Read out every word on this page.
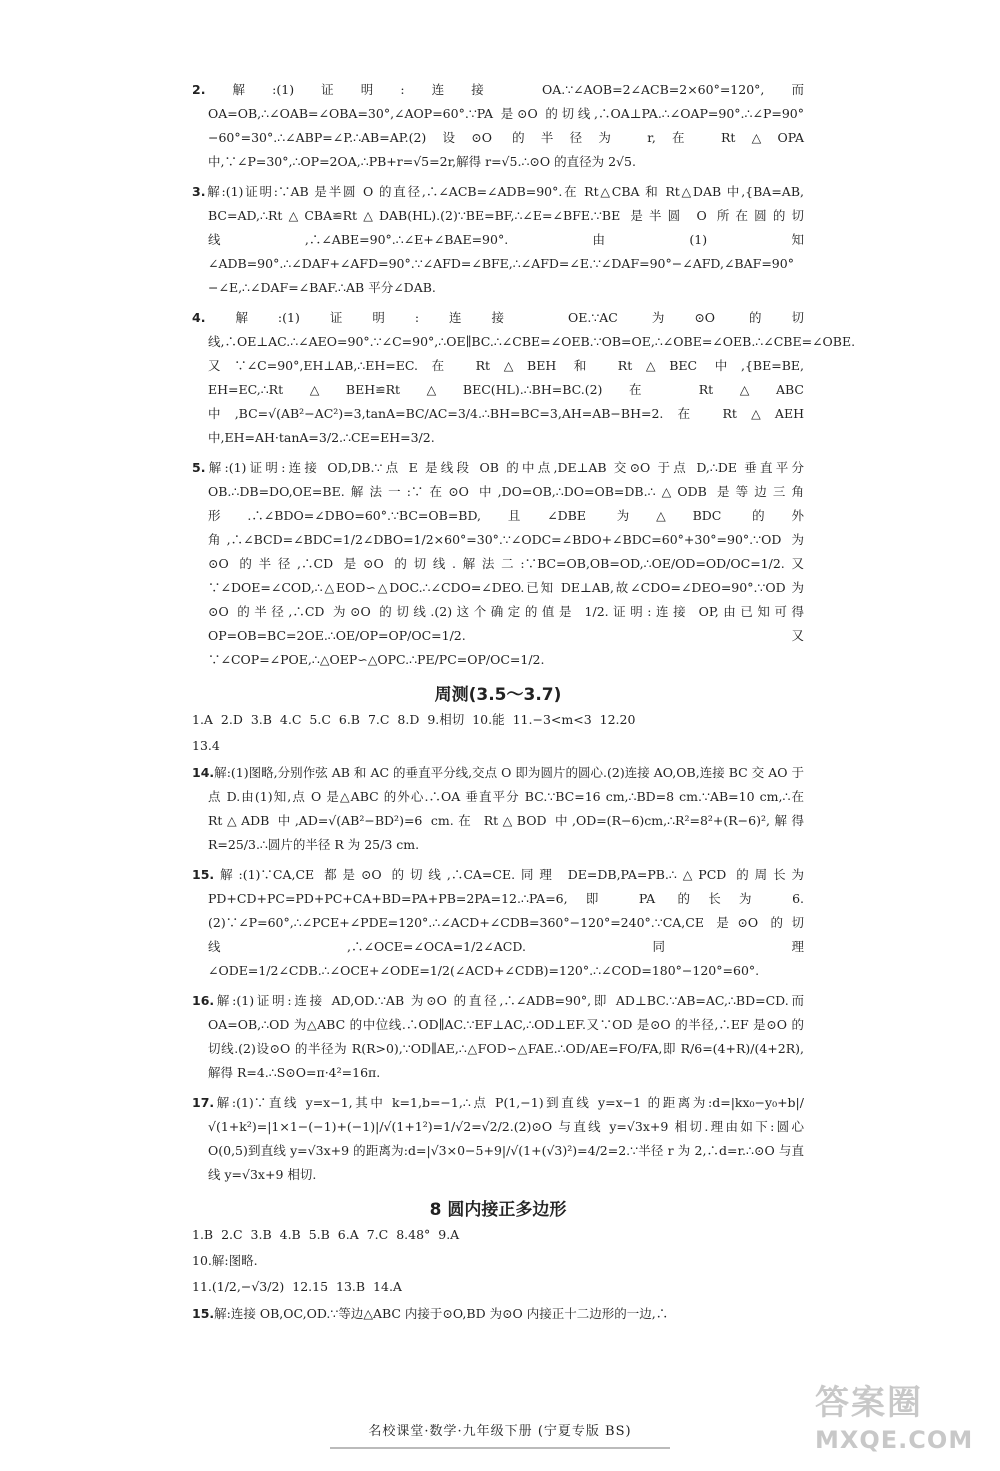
2.解:(1)证明:连接 OA.∵∠AOB=2∠ACB=2×60°=120°,而 OA=OB,∴∠OAB=∠OBA=30°,∠AOP=60°.∵PA 是⊙O 的切线,∴OA⊥PA.∴∠OAP=90°.∴∠P=90°−60°=30°.∴∠ABP=∠P.∴AB=AP.(2)设⊙O 的半径为 r,在 Rt△OPA 中,∵∠P=30°,∴OP=2OA,∴PB+r=√5=2r,解得 r=√5.∴⊙O 的直径为 2√5.

3.解:(1)证明:∵AB 是半圆 O 的直径,∴∠ACB=∠ADB=90°.在 Rt△CBA 和 Rt△DAB 中,{BA=AB, BC=AD,∴Rt△CBA≌Rt△DAB(HL).(2)∵BE=BF,∴∠E=∠BFE.∵BE 是半圆 O 所在圆的切线,∴∠ABE=90°.∴∠E+∠BAE=90°.由(1)知∠ADB=90°.∴∠DAF+∠AFD=90°.∵∠AFD=∠BFE,∴∠AFD=∠E.∵∠DAF=90°−∠AFD,∠BAF=90°−∠E,∴∠DAF=∠BAF.∴AB 平分∠DAB.

4.解:(1)证明:连接 OE.∵AC 为⊙O 的切线,∴OE⊥AC.∴∠AEO=90°.∵∠C=90°,∴OE∥BC.∴∠CBE=∠OEB.∵OB=OE,∴∠OBE=∠OEB.∴∠CBE=∠OBE.又∵∠C=90°,EH⊥AB,∴EH=EC.在 Rt△BEH 和 Rt△BEC 中,{BE=BE, EH=EC,∴Rt△BEH≌Rt△BEC(HL).∴BH=BC.(2)在 Rt△ABC 中,BC=√(AB²−AC²)=3,tanA=BC/AC=3/4.∴BH=BC=3,AH=AB−BH=2.在 Rt△AEH 中,EH=AH·tanA=3/2.∴CE=EH=3/2.

5.解:(1)证明:连接 OD,DB.∵点 E 是线段 OB 的中点,DE⊥AB 交⊙O 于点 D,∴DE 垂直平分 OB.∴DB=DO,OE=BE.解法一:∵在⊙O 中,DO=OB,∴DO=OB=DB.∴△ODB 是等边三角形.∴∠BDO=∠DBO=60°.∵BC=OB=BD,且∠DBE 为△BDC 的外角,∴∠BCD=∠BDC=1/2∠DBO=1/2×60°=30°.∵∠ODC=∠BDO+∠BDC=60°+30°=90°.∵OD 为⊙O 的半径,∴CD 是⊙O 的切线.解法二:∵BC=OB,OB=OD,∴OE/OD=OD/OC=1/2.又∵∠DOE=∠COD,∴△EOD∽△DOC.∴∠CDO=∠DEO.已知 DE⊥AB,故∠CDO=∠DEO=90°.∵OD 为⊙O 的半径,∴CD 为⊙O 的切线.(2)这个确定的值是 1/2.证明:连接 OP,由已知可得 OP=OB=BC=2OE.∴OE/OP=OP/OC=1/2.又∵∠COP=∠POE,∴△OEP∽△OPC.∴PE/PC=OP/OC=1/2.

周测(3.5～3.7)
1.A 2.D 3.B 4.C 5.C 6.B 7.C 8.D 9.相切 10.能 11.−3<m<3 12.20
13.4

14.解:(1)图略,分别作弦 AB 和 AC 的垂直平分线,交点 O 即为圆片的圆心.(2)连接 AO,OB,连接 BC 交 AO 于点 D.由(1)知,点 O 是△ABC 的外心.∴OA 垂直平分 BC.∵BC=16 cm,∴BD=8 cm.∵AB=10 cm,∴在 Rt△ADB 中,AD=√(AB²−BD²)=6 cm.在 Rt△BOD 中,OD=(R−6)cm,∴R²=8²+(R−6)²,解得 R=25/3.∴圆片的半径 R 为 25/3 cm.

15.解:(1)∵CA,CE 都是⊙O 的切线,∴CA=CE.同理 DE=DB,PA=PB.∴△PCD 的周长为 PD+CD+PC=PD+PC+CA+BD=PA+PB=2PA=12.∴PA=6,即 PA 的长为 6.(2)∵∠P=60°,∴∠PCE+∠PDE=120°.∴∠ACD+∠CDB=360°−120°=240°.∵CA,CE 是⊙O 的切线,∴∠OCE=∠OCA=1/2∠ACD.同理∠ODE=1/2∠CDB.∴∠OCE+∠ODE=1/2(∠ACD+∠CDB)=120°.∴∠COD=180°−120°=60°.

16.解:(1)证明:连接 AD,OD.∵AB 为⊙O 的直径,∴∠ADB=90°,即 AD⊥BC.∵AB=AC,∴BD=CD.而 OA=OB,∴OD 为△ABC 的中位线.∴OD∥AC.∵EF⊥AC,∴OD⊥EF.又∵OD 是⊙O 的半径,∴EF 是⊙O 的切线.(2)设⊙O 的半径为 R(R>0),∵OD∥AE,∴△FOD∽△FAE.∴OD/AE=FO/FA,即 R/6=(4+R)/(4+2R),解得 R=4.∴S⊙O=π·4²=16π.

17.解:(1)∵直线 y=x−1,其中 k=1,b=−1,∴点 P(1,−1)到直线 y=x−1 的距离为:d=|kx₀−y₀+b|/√(1+k²)=|1×1−(−1)+(−1)|/√(1+1²)=1/√2=√2/2.(2)⊙O 与直线 y=√3x+9 相切.理由如下:圆心 O(0,5)到直线 y=√3x+9 的距离为:d=|√3×0−5+9|/√(1+(√3)²)=4/2=2.∵半径 r 为 2,∴d=r.∴⊙O 与直线 y=√3x+9 相切.

8 圆内接正多边形
1.B 2.C 3.B 4.B 5.B 6.A 7.C 8.48° 9.A
10.解:图略.
11.(1/2,−√3/2) 12.15 13.B 14.A

15.解:连接 OB,OC,OD.∵等边△ABC 内接于⊙O,BD 为⊙O 内接正十二边形的一边,∴

名校课堂·数学·九年级下册 (宁夏专版 BS)
答案圈
MXQE.COM
